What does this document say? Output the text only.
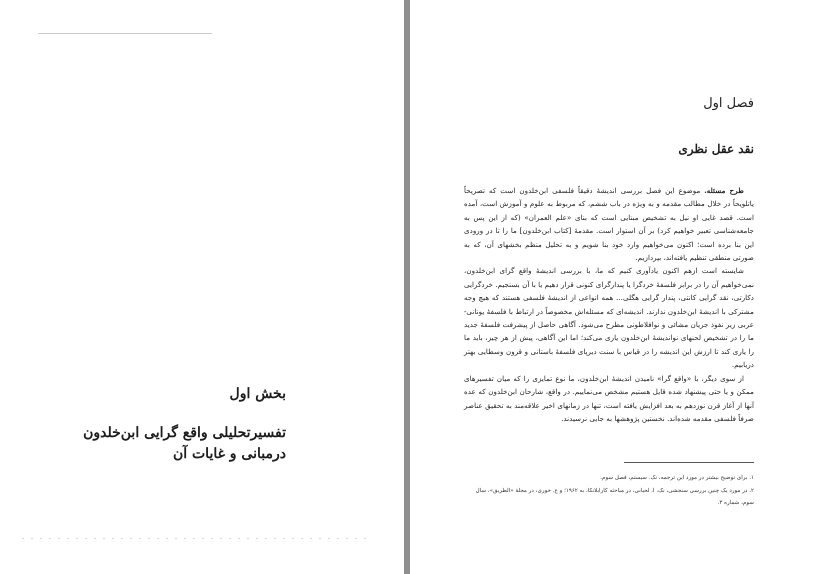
بخش اول
تفسیرتحلیلی واقع گرایی ابن‌خلدون
درمبانی و غایات آن
فصل اول
نقد عقل نظری

طرح مسئله. موضوع این فصل بررسی اندیشهٔ دقیقاً فلسفی ابن‌خلدون است که تصریحاً یاتلویحاً در خلال مطالب مقدمه و به ویژه در باب ششم، که مربوط به علوم و آموزش است، آمده است. قصد غایی او نیل به تشخیص مبنایی است که بنای «علم العمران» (که از این پس به جامعه‌شناسی تعبیر خواهیم کرد) بر آن استوار است. مقدمهٔ [کتاب ابن‌خلدون] ما را تا در ورودی این بنا برده است؛ اکنون می‌خواهیم وارد خود بنا شویم و به تحلیل منظم بخشهای آن، که به صورتی منطقی تنظیم یافته‌اند، بپردازیم.

شایسته است ازهم اکنون یادآوری کنیم که ما، با بررسی اندیشهٔ واقع گرای ابن‌خلدون، نمی‌خواهیم آن را در برابر فلسفهٔ خردگرا یا پندارگرای کنونی قرار دهیم یا با آن بسنجیم. خردگرایی دکارتی، نقد گرایی کانتی، پندار گرایی هگلی... همه انواعی از اندیشهٔ فلسفی هستند که هیچ وجه مشترکی با اندیشهٔ ابن‌خلدون ندارند. اندیشه‌ای که مسئله‌اش مخصوصاً در ارتباط با فلسفهٔ یونانی- عربی زیر نفوذ جریان مشائی و نوافلاطونی مطرح می‌شود. آگاهی حاصل از پیشرفت فلسفهٔ جدید ما را در تشخیص لحنهای نواندیشهٔ ابن‌خلدون یاری می‌کند؛ اما این آگاهی، پیش از هر چیز، باید ما را یاری کند تا ارزش این اندیشه را در قیاس با سنت دیرپای فلسفهٔ باستانی و قرون وسطایی بهتر دریابیم.

از سوی دیگر، با «واقع گرا» نامیدن اندیشهٔ ابن‌خلدون، ما نوع تمایزی را که میان تفسیرهای ممکن و یا حتی پیشنهاد شده قایل هستیم مشخص می‌نماییم. در واقع، شارحان ابن‌خلدون که عده آنها از آغاز قرن نوزدهم به بعد افزایش یافته است، تنها در زمانهای اخیر علاقه‌مند به تحقیق عناصر صرفاً فلسفی مقدمه شده‌اند. نخستین پژوهشها به جایی نرسیدند.

۱. برای توضیح بیشتر در مورد این ترجمه، نک. سیستم، فصل سوم.

۲. در مورد یک چنین بررسی سنجشی، نک. ا. لحیانی، در مباحثه کارابلانکا، به ۱۹۶۲؛ و ع. خوری، در مجلهٔ «الطریق»، سال سوم، شماره ۳.
